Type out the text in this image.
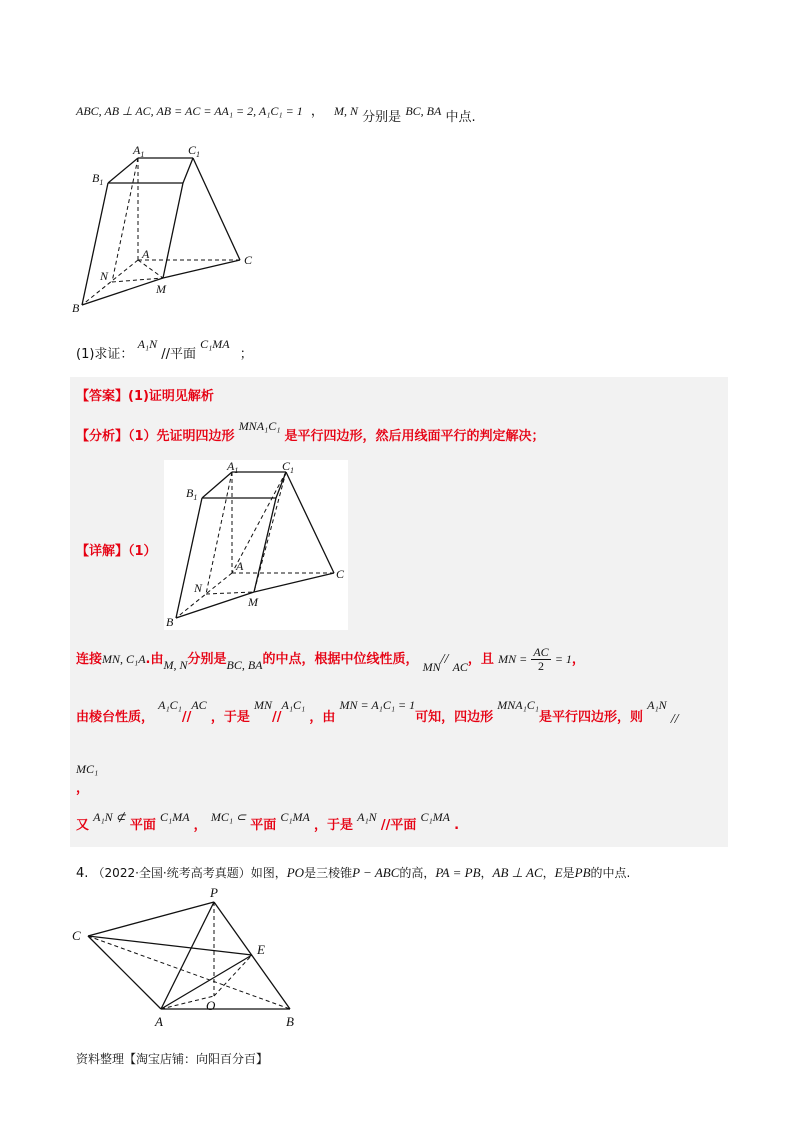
ABC, AB ⊥ AC, AB = AC = AA₁ = 2, A₁C₁ = 1 ， M, N 分别是 BC, BA 中点.
$A_1$	$C_1$
$B_1$
A	C
N
M
B
(1)求证： A₁N //平面 C₁MA ；
【答案】(1)证明见解析
【分析】（1）先证明四边形 MNA₁C₁ 是平行四边形，然后用线面平行的判定解决；
【详解】（1）
$A_1$	$C_1$
$B_1$
A
C
N
M
B
连接MN, C₁A.由M, N分别是BC, BA的中点，根据中位线性质， MN// AC，且 MN = $\frac{AC}{2} = 1$，
由棱台性质， A₁C₁//AC ，于是 MN//A₁C₁ ，由 MN = A₁C₁ = 1可知，四边形 MNA₁C₁是平行四边形，则 A₁N //
MC₁
，
又 A₁N ⊄ 平面 C₁MA ， MC₁ ⊂ 平面 C₁MA ，于是 A₁N //平面 C₁MA .
4. （2022·全国·统考高考真题）如图，PO是三棱锥P − ABC的高，PA = PB，AB ⊥ AC，E是PB的中点.
P
C
E
O
A	B
资料整理【淘宝店铺：向阳百分百】
